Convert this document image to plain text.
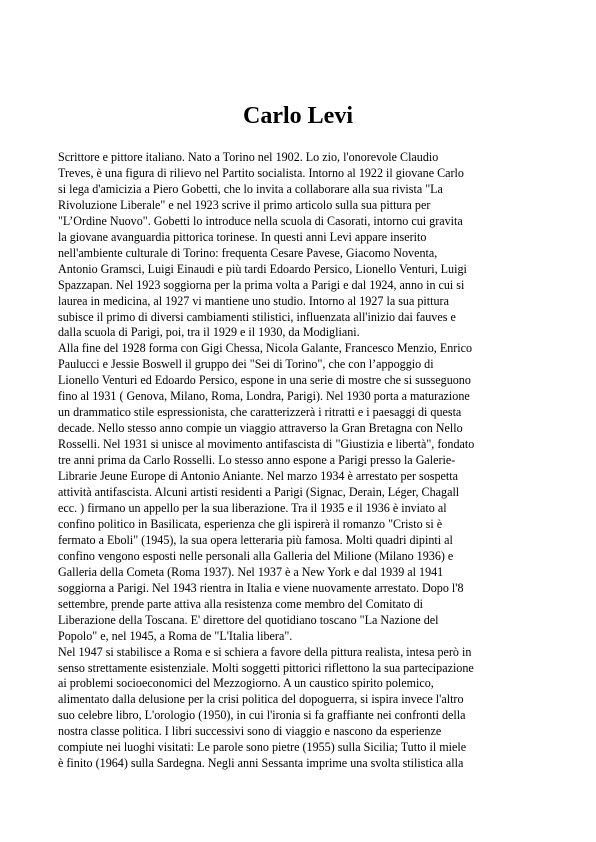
Carlo Levi
Scrittore e pittore italiano. Nato a Torino nel 1902. Lo zio, l'onorevole Claudio
Treves, è una figura di rilievo nel Partito socialista. Intorno al 1922 il giovane Carlo
si lega d'amicizia a Piero Gobetti, che lo invita a collaborare alla sua rivista "La
Rivoluzione Liberale" e nel 1923 scrive il primo articolo sulla sua pittura per
"L’Ordine Nuovo". Gobetti lo introduce nella scuola di Casorati, intorno cui gravita
la giovane avanguardia pittorica torinese. In questi anni Levi appare inserito
nell'ambiente culturale di Torino: frequenta Cesare Pavese, Giacomo Noventa,
Antonio Gramsci, Luigi Einaudi e più tardi Edoardo Persico, Lionello Venturi, Luigi
Spazzapan. Nel 1923 soggiorna per la prima volta a Parigi e dal 1924, anno in cui si
laurea in medicina, al 1927 vi mantiene uno studio. Intorno al 1927 la sua pittura
subisce il primo di diversi cambiamenti stilistici, influenzata all'inizio dai fauves e
dalla scuola di Parigi, poi, tra il 1929 e il 1930, da Modigliani.
Alla fine del 1928 forma con Gigi Chessa, Nicola Galante, Francesco Menzio, Enrico
Paulucci e Jessie Boswell il gruppo dei "Sei di Torino", che con l’appoggio di
Lionello Venturi ed Edoardo Persico, espone in una serie di mostre che si susseguono
fino al 1931 ( Genova, Milano, Roma, Londra, Parigi). Nel 1930 porta a maturazione
un drammatico stile espressionista, che caratterizzerà i ritratti e i paesaggi di questa
decade. Nello stesso anno compie un viaggio attraverso la Gran Bretagna con Nello
Rosselli. Nel 1931 si unisce al movimento antifascista di "Giustizia e libertà", fondato
tre anni prima da Carlo Rosselli. Lo stesso anno espone a Parigi presso la Galerie-
Librarie Jeune Europe di Antonio Aniante. Nel marzo 1934 è arrestato per sospetta
attività antifascista. Alcuni artisti residenti a Parigi (Signac, Derain, Léger, Chagall
ecc. ) firmano un appello per la sua liberazione. Tra il 1935 e il 1936 è inviato al
confino politico in Basilicata, esperienza che gli ispirerà il romanzo "Cristo si è
fermato a Eboli" (1945), la sua opera letteraria più famosa. Molti quadri dipinti al
confino vengono esposti nelle personali alla Galleria del Milione (Milano 1936) e
Galleria della Cometa (Roma 1937). Nel 1937 è a New York e dal 1939 al 1941
soggiorna a Parigi. Nel 1943 rientra in Italia e viene nuovamente arrestato. Dopo l'8
settembre, prende parte attiva alla resistenza come membro del Comitato di
Liberazione della Toscana. E' direttore del quotidiano toscano "La Nazione del
Popolo" e, nel 1945, a Roma de "L'Italia libera".
Nel 1947 si stabilisce a Roma e si schiera a favore della pittura realista, intesa però in
senso strettamente esistenziale. Molti soggetti pittorici riflettono la sua partecipazione
ai problemi socioeconomici del Mezzogiorno. A un caustico spirito polemico,
alimentato dalla delusione per la crisi politica del dopoguerra, si ispira invece l'altro
suo celebre libro, L'orologio (1950), in cui l'ironia si fa graffiante nei confronti della
nostra classe politica. I libri successivi sono di viaggio e nascono da esperienze
compiute nei luoghi visitati: Le parole sono pietre (1955) sulla Sicilia; Tutto il miele
è finito (1964) sulla Sardegna. Negli anni Sessanta imprime una svolta stilistica alla
